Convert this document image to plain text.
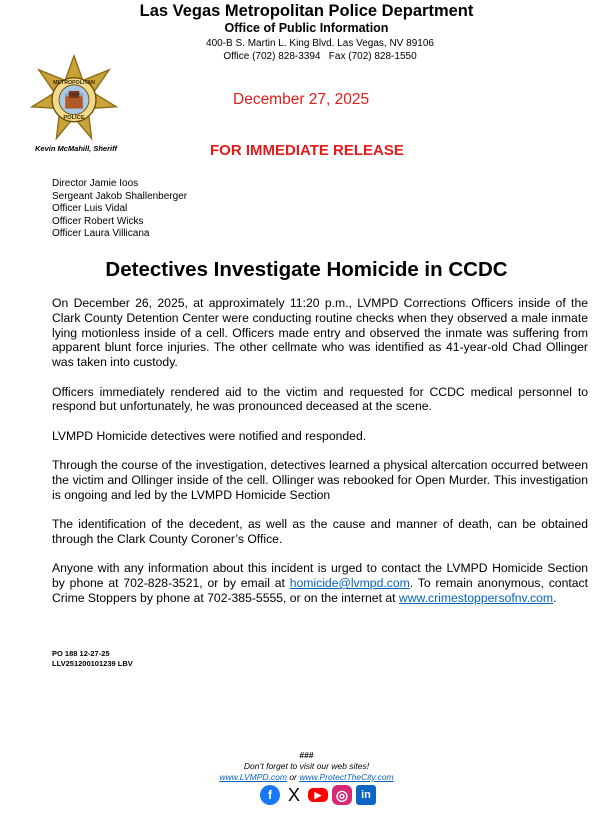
Las Vegas Metropolitan Police Department
Office of Public Information
400-B S. Martin L. King Blvd. Las Vegas, NV 89106
Office (702) 828-3394   Fax (702) 828-1550
METROPOLITAN
POLICE
LAS VEGAS
Kevin McMahill, Sheriff
December 27, 2025
FOR IMMEDIATE RELEASE
Director Jamie Ioos
Sergeant Jakob Shallenberger
Officer Luis Vidal
Officer Robert Wicks
Officer Laura Villicana
Detectives Investigate Homicide in CCDC

On December 26, 2025, at approximately 11:20 p.m., LVMPD Corrections Officers inside of the Clark County Detention Center were conducting routine checks when they observed a male inmate lying motionless inside of a cell. Officers made entry and observed the inmate was suffering from apparent blunt force injuries. The other cellmate who was identified as 41-year-old Chad Ollinger was taken into custody.

Officers immediately rendered aid to the victim and requested for CCDC medical personnel to respond but unfortunately, he was pronounced deceased at the scene.

LVMPD Homicide detectives were notified and responded.

Through the course of the investigation, detectives learned a physical altercation occurred between the victim and Ollinger inside of the cell. Ollinger was rebooked for Open Murder. This investigation is ongoing and led by the LVMPD Homicide Section

The identification of the decedent, as well as the cause and manner of death, can be obtained through the Clark County Coroner’s Office.

Anyone with any information about this incident is urged to contact the LVMPD Homicide Section by phone at 702-828-3521, or by email at homicide@lvmpd.com. To remain anonymous, contact Crime Stoppers by phone at 702-385-5555, or on the internet at www.crimestoppersofnv.com.

PO 188 12-27-25
LLV251200101239 LBV
###
Don’t forget to visit our web sites!
www.LVMPD.com or www.ProtectTheCity.com
f X ▶ ◎ in
